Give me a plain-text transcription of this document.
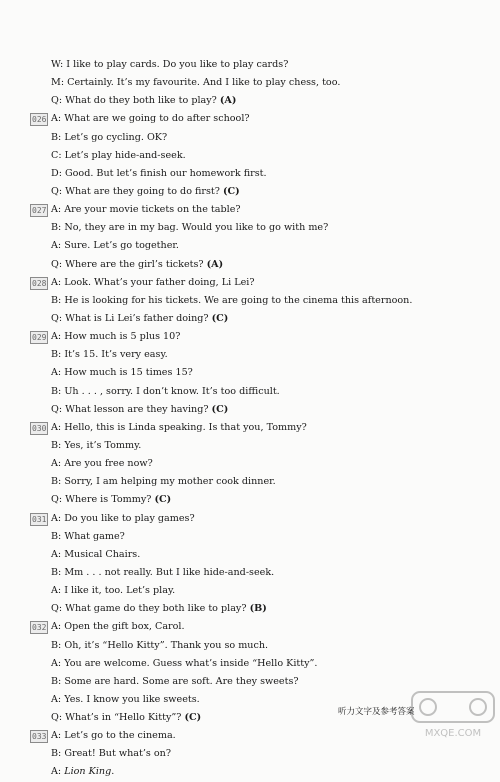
W: I like to play cards. Do you like to play cards?
M: Certainly. It’s my favourite. And I like to play chess, too.
Q: What do they both like to play? (A)
026 A: What are we going to do after school?
B: Let’s go cycling. OK?
C: Let’s play hide-and-seek.
D: Good. But let’s finish our homework first.
Q: What are they going to do first? (C)
027 A: Are your movie tickets on the table?
B: No, they are in my bag. Would you like to go with me?
A: Sure. Let’s go together.
Q: Where are the girl’s tickets? (A)
028 A: Look. What’s your father doing, Li Lei?
B: He is looking for his tickets. We are going to the cinema this afternoon.
Q: What is Li Lei’s father doing? (C)
029 A: How much is 5 plus 10?
B: It’s 15. It’s very easy.
A: How much is 15 times 15?
B: Uh . . . , sorry. I don’t know. It’s too difficult.
Q: What lesson are they having? (C)
030 A: Hello, this is Linda speaking. Is that you, Tommy?
B: Yes, it’s Tommy.
A: Are you free now?
B: Sorry, I am helping my mother cook dinner.
Q: Where is Tommy? (C)
031 A: Do you like to play games?
B: What game?
A: Musical Chairs.
B: Mm . . . not really. But I like hide-and-seek.
A: I like it, too. Let’s play.
Q: What game do they both like to play? (B)
032 A: Open the gift box, Carol.
B: Oh, it’s “Hello Kitty”. Thank you so much.
A: You are welcome. Guess what’s inside “Hello Kitty”.
B: Some are hard. Some are soft. Are they sweets?
A: Yes. I know you like sweets.
Q: What’s in “Hello Kitty”? (C)
033 A: Let’s go to the cinema.
B: Great! But what’s on?
A: Lion King.
听力文字及参考答案
MXQE.COM
